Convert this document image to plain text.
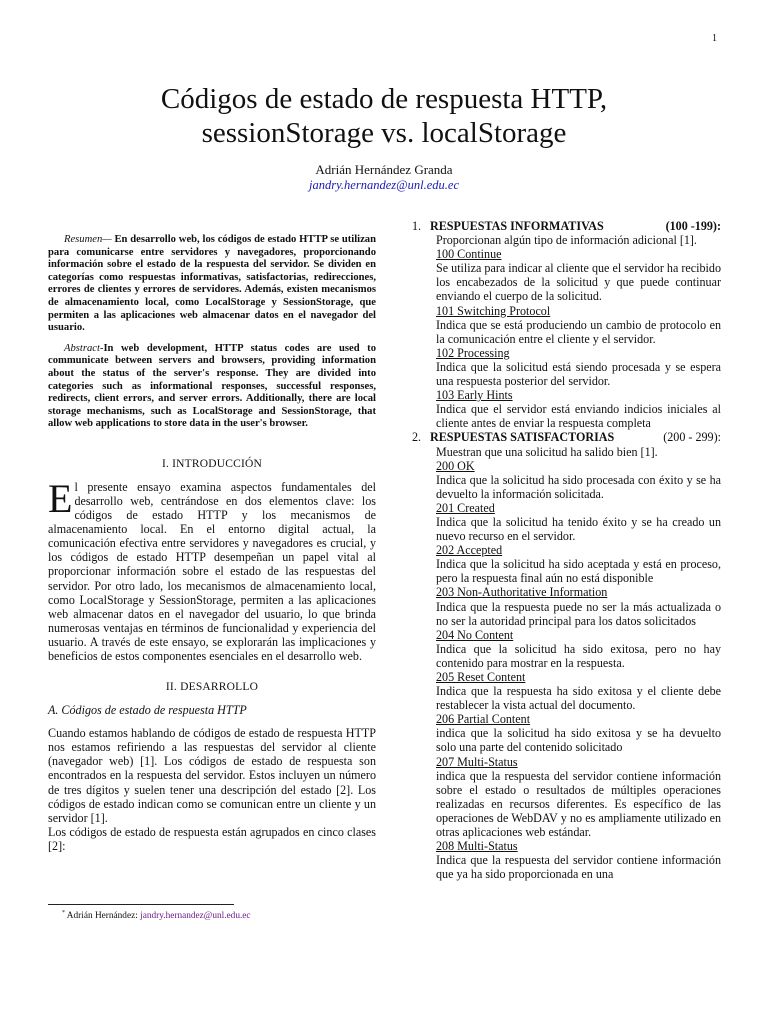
1
Códigos de estado de respuesta HTTP,
sessionStorage vs. localStorage
Adrián Hernández Granda
jandry.hernandez@unl.edu.ec

Resumen— En desarrollo web, los códigos de estado HTTP se utilizan para comunicarse entre servidores y navegadores, proporcionando información sobre el estado de la respuesta del servidor. Se dividen en categorías como respuestas informativas, satisfactorias, redirecciones, errores de clientes y errores de servidores. Además, existen mecanismos de almacenamiento local, como LocalStorage y SessionStorage, que permiten a las aplicaciones web almacenar datos en el navegador del usuario.

Abstract-In web development, HTTP status codes are used to communicate between servers and browsers, providing information about the status of the server's response. They are divided into categories such as informational responses, successful responses, redirects, client errors, and server errors. Additionally, there are local storage mechanisms, such as LocalStorage and SessionStorage, that allow web applications to store data in the user's browser.

I. INTRODUCCIÓN

El presente ensayo examina aspectos fundamentales del desarrollo web, centrándose en dos elementos clave: los códigos de estado HTTP y los mecanismos de almacenamiento local. En el entorno digital actual, la comunicación efectiva entre servidores y navegadores es crucial, y los códigos de estado HTTP desempeñan un papel vital al proporcionar información sobre el estado de las respuestas del servidor. Por otro lado, los mecanismos de almacenamiento local, como LocalStorage y SessionStorage, permiten a las aplicaciones web almacenar datos en el navegador del usuario, lo que brinda numerosas ventajas en términos de funcionalidad y experiencia del usuario. A través de este ensayo, se explorarán las implicaciones y beneficios de estos componentes esenciales en el desarrollo web.

II. DESARROLLO
A. Códigos de estado de respuesta HTTP

Cuando estamos hablando de códigos de estado de respuesta HTTP nos estamos refiriendo a las respuestas del servidor al cliente (navegador web) [1]. Los códigos de estado de respuesta son encontrados en la respuesta del servidor. Estos incluyen un número de tres dígitos y suelen tener una descripción del estado [2]. Los códigos de estado indican como se comunican entre un cliente y un servidor [1].

Los códigos de estado de respuesta están agrupados en cinco clases [2]:

* Adrián Hernández: jandry.hernandez@unl.edu.ec
1. RESPUESTAS INFORMATIVAS	(100 -199):

Proporcionan algún tipo de información adicional [1].

100 Continue

Se utiliza para indicar al cliente que el servidor ha recibido los encabezados de la solicitud y que puede continuar enviando el cuerpo de la solicitud.

101 Switching Protocol

Indica que se está produciendo un cambio de protocolo en la comunicación entre el cliente y el servidor.

102 Processing

Indica que la solicitud está siendo procesada y se espera una respuesta posterior del servidor.

103 Early Hints

Indica que el servidor está enviando indicios iniciales al cliente antes de enviar la respuesta completa

2. RESPUESTAS SATISFACTORIAS	(200 - 299):

Muestran que una solicitud ha salido bien [1].

200 OK

Indica que la solicitud ha sido procesada con éxito y se ha devuelto la información solicitada.

201 Created

Indica que la solicitud ha tenido éxito y se ha creado un nuevo recurso en el servidor.

202 Accepted

Indica que la solicitud ha sido aceptada y está en proceso, pero la respuesta final aún no está disponible

203 Non-Authoritative Information

Indica que la respuesta puede no ser la más actualizada o no ser la autoridad principal para los datos solicitados

204 No Content

Indica que la solicitud ha sido exitosa, pero no hay contenido para mostrar en la respuesta.

205 Reset Content

Indica que la respuesta ha sido exitosa y el cliente debe restablecer la vista actual del documento.

206 Partial Content

indica que la solicitud ha sido exitosa y se ha devuelto solo una parte del contenido solicitado

207 Multi-Status

indica que la respuesta del servidor contiene información sobre el estado o resultados de múltiples operaciones realizadas en recursos diferentes. Es específico de las operaciones de WebDAV y no es ampliamente utilizado en otras aplicaciones web estándar.

208 Multi-Status

Indica que la respuesta del servidor contiene información que ya ha sido proporcionada en una
